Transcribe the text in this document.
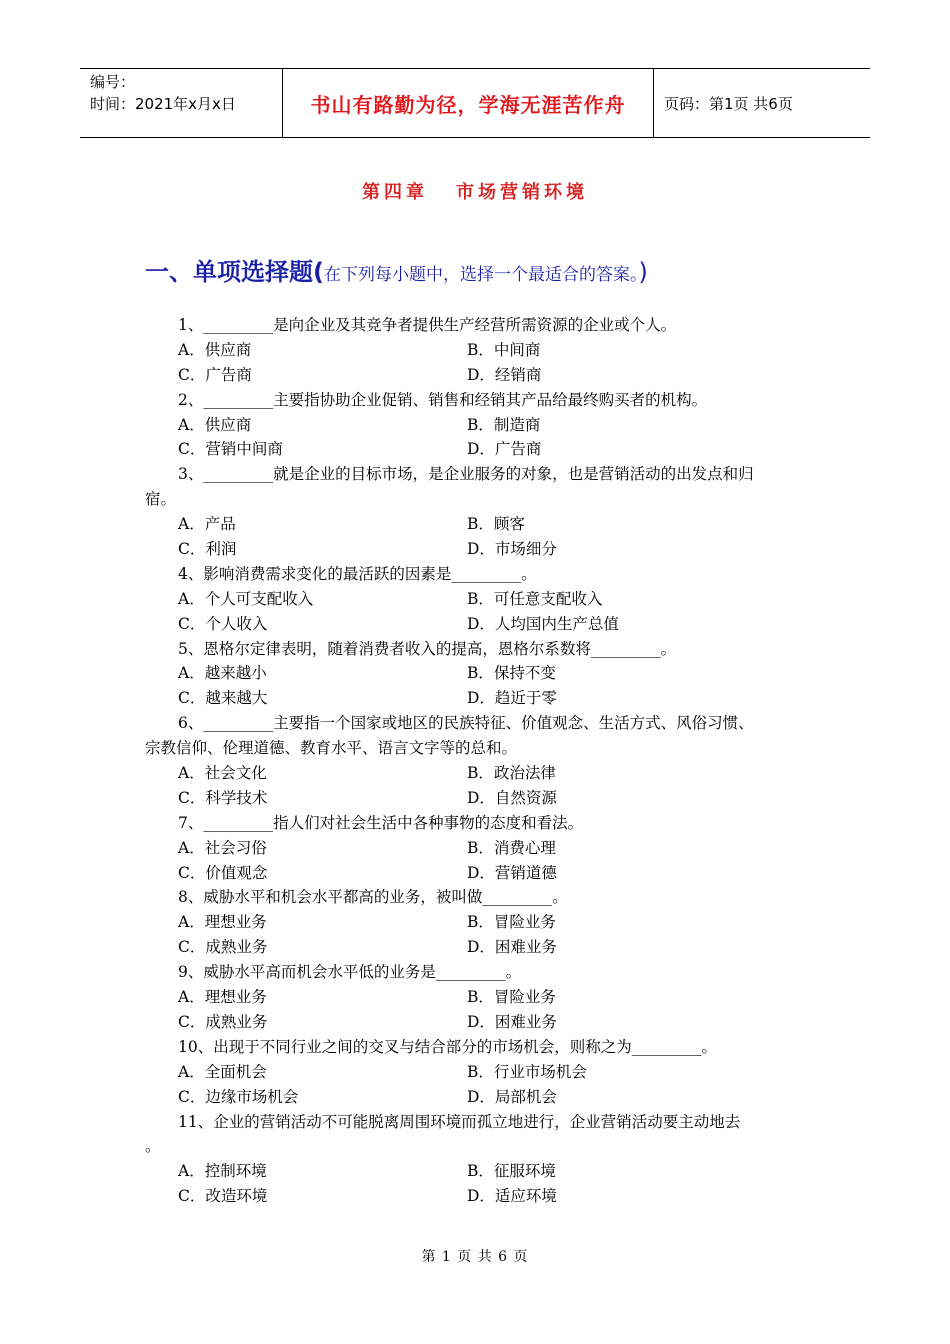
编号：
时间：2021年x月x日	书山有路勤为径，学海无涯苦作舟	页码：第1页 共6页
第四章 市场营销环境
一、单项选择题(在下列每小题中，选择一个最适合的答案。)
1、_________是向企业及其竞争者提供生产经营所需资源的企业或个人。
A．供应商	B．中间商
C．广告商	D．经销商
2、_________主要指协助企业促销、销售和经销其产品给最终购买者的机构。
A．供应商	B．制造商
C．营销中间商	D．广告商
3、_________就是企业的目标市场，是企业服务的对象，也是营销活动的出发点和归
宿。
A．产品	B．顾客
C．利润	D．市场细分
4、影响消费需求变化的最活跃的因素是_________。
A．个人可支配收入	B．可任意支配收入
C．个人收入	D．人均国内生产总值
5、恩格尔定律表明，随着消费者收入的提高，恩格尔系数将_________。
A．越来越小	B．保持不变
C．越来越大	D．趋近于零
6、_________主要指一个国家或地区的民族特征、价值观念、生活方式、风俗习惯、
宗教信仰、伦理道德、教育水平、语言文字等的总和。
A．社会文化	B．政治法律
C．科学技术	D．自然资源
7、_________指人们对社会生活中各种事物的态度和看法。
A．社会习俗	B．消费心理
C．价值观念	D．营销道德
8、威胁水平和机会水平都高的业务，被叫做_________。
A．理想业务	B．冒险业务
C．成熟业务	D．困难业务
9、威胁水平高而机会水平低的业务是_________。
A．理想业务	B．冒险业务
C．成熟业务	D．困难业务
10、出现于不同行业之间的交叉与结合部分的市场机会，则称之为_________。
A．全面机会	B．行业市场机会
C．边缘市场机会	D．局部机会
11、企业的营销活动不可能脱离周围环境而孤立地进行，企业营销活动要主动地去
。
A．控制环境	B．征服环境
C．改造环境	D．适应环境
第 1 页 共 6 页
